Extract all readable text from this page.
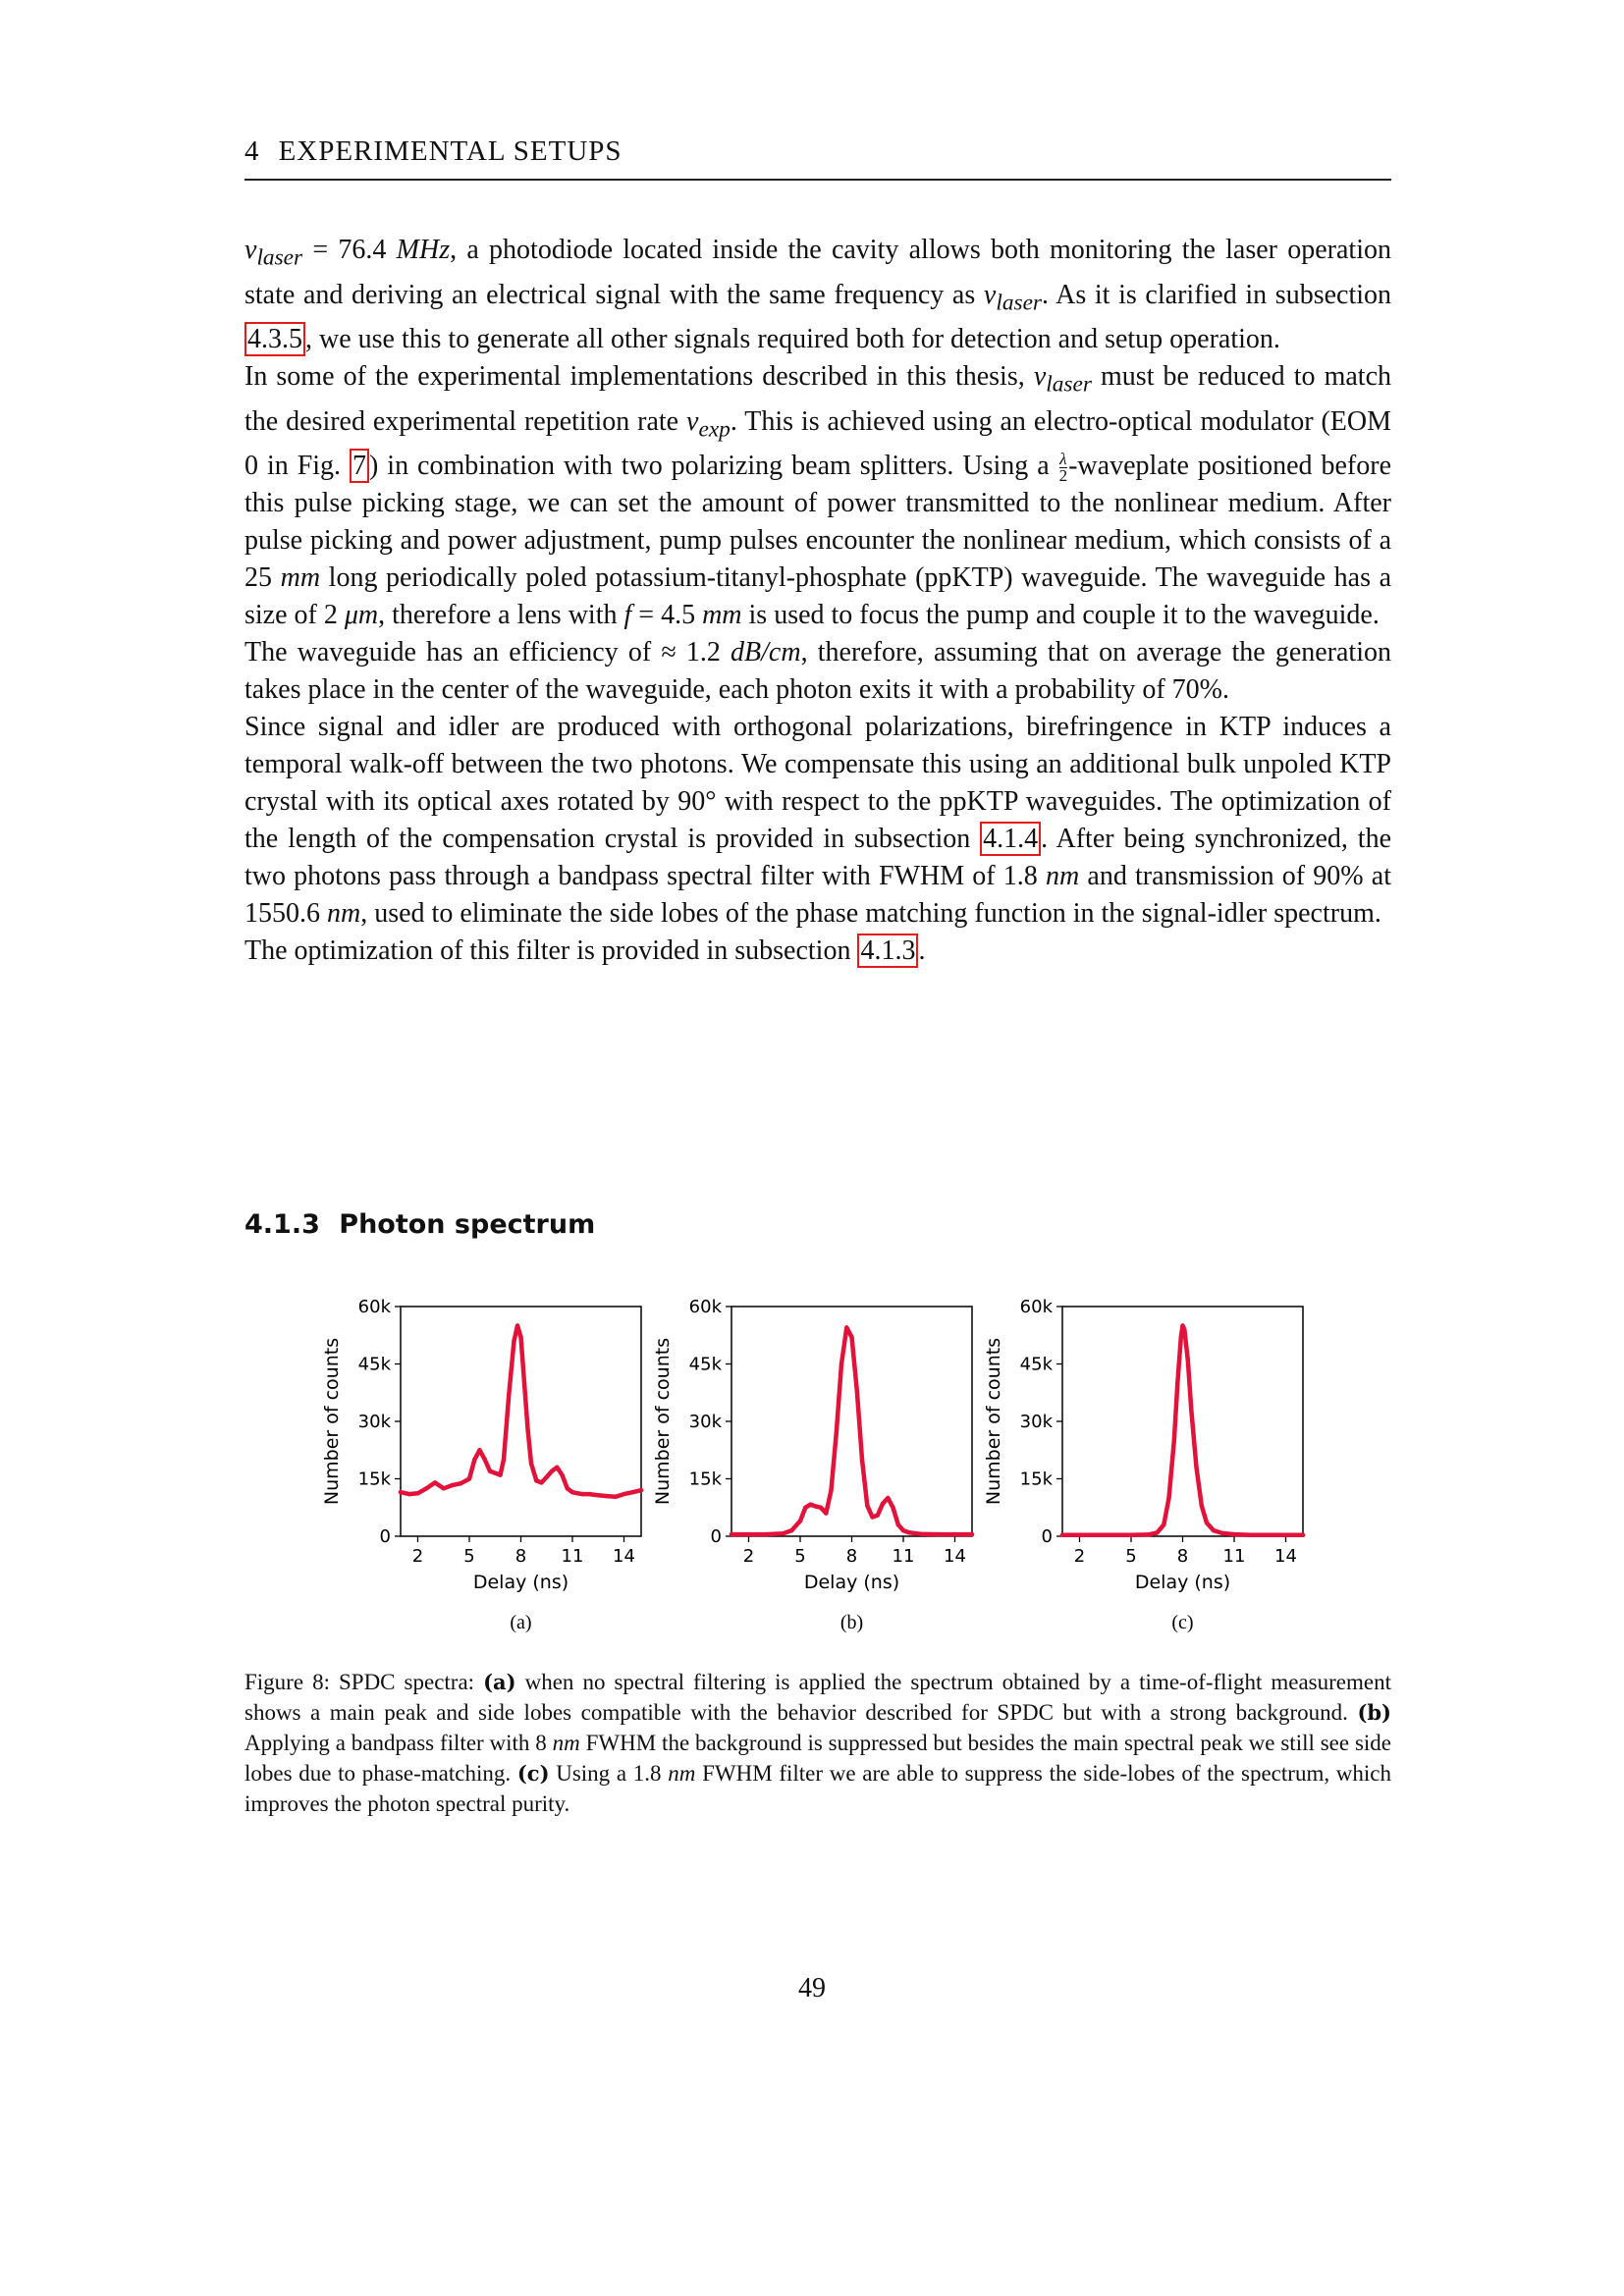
4 EXPERIMENTAL SETUPS

$\nu_{laser} = 76.4$ MHz, a photodiode located inside the cavity allows both monitoring the laser operation state and deriving an electrical signal with the same frequency as $\nu_{laser}$. As it is clarified in subsection 4.3.5 , we use this to generate all other signals required both for detection and setup operation.

In some of the experimental implementations described in this thesis, $\nu_{laser}$ must be reduced to match the desired experimental repetition rate $\nu_{exp}$. This is achieved using an electro-optical modulator (EOM 0 in Fig. 7 ) in combination with two polarizing beam splitters. Using a $\frac{\lambda}{2}$ -waveplate positioned before this pulse picking stage, we can set the amount of power transmitted to the nonlinear medium. After pulse picking and power adjustment, pump pulses encounter the nonlinear medium, which consists of a 25 mm long periodically poled potassium-titanyl-phosphate (ppKTP) waveguide. The waveguide has a size of 2 μm, therefore a lens with f = 4.5 mm is used to focus the pump and couple it to the waveguide.

The waveguide has an efficiency of ≈ 1.2 dB/cm, therefore, assuming that on average the generation takes place in the center of the waveguide, each photon exits it with a probability of 70%.

Since signal and idler are produced with orthogonal polarizations, birefringence in KTP induces a temporal walk-off between the two photons. We compensate this using an additional bulk unpoled KTP crystal with its optical axes rotated by 90° with respect to the ppKTP waveguides. The optimization of the length of the compensation crystal is provided in subsection 4.1.4 . After being synchronized, the two photons pass through a bandpass spectral filter with FWHM of 1.8 nm and transmission of 90% at 1550.6 nm, used to eliminate the side lobes of the phase matching function in the signal-idler spectrum.

The optimization of this filter is provided in subsection 4.1.3 .

4.1.3 Photon spectrum
0
15k
30k
45k
60k
2 5 8 11 14
Delay (ns)
Number of counts
(a)
0
15k
30k
45k
60k
2 5 8 11 14
Delay (ns)
Number of counts
(b)
0
15k
30k
45k
60k
2 5 8 11 14
Delay (ns)
Number of counts
(c)
Figure 8: SPDC spectra: (a) when no spectral filtering is applied the spectrum obtained by a time-of-flight measurement shows a main peak and side lobes compatible with the behavior described for SPDC but with a strong background. (b) Applying a bandpass filter with 8 nm FWHM the background is suppressed but besides the main spectral peak we still see side lobes due to phase-matching. (c) Using a 1.8 nm FWHM filter we are able to suppress the side-lobes of the spectrum, which improves the photon spectral purity.
49
